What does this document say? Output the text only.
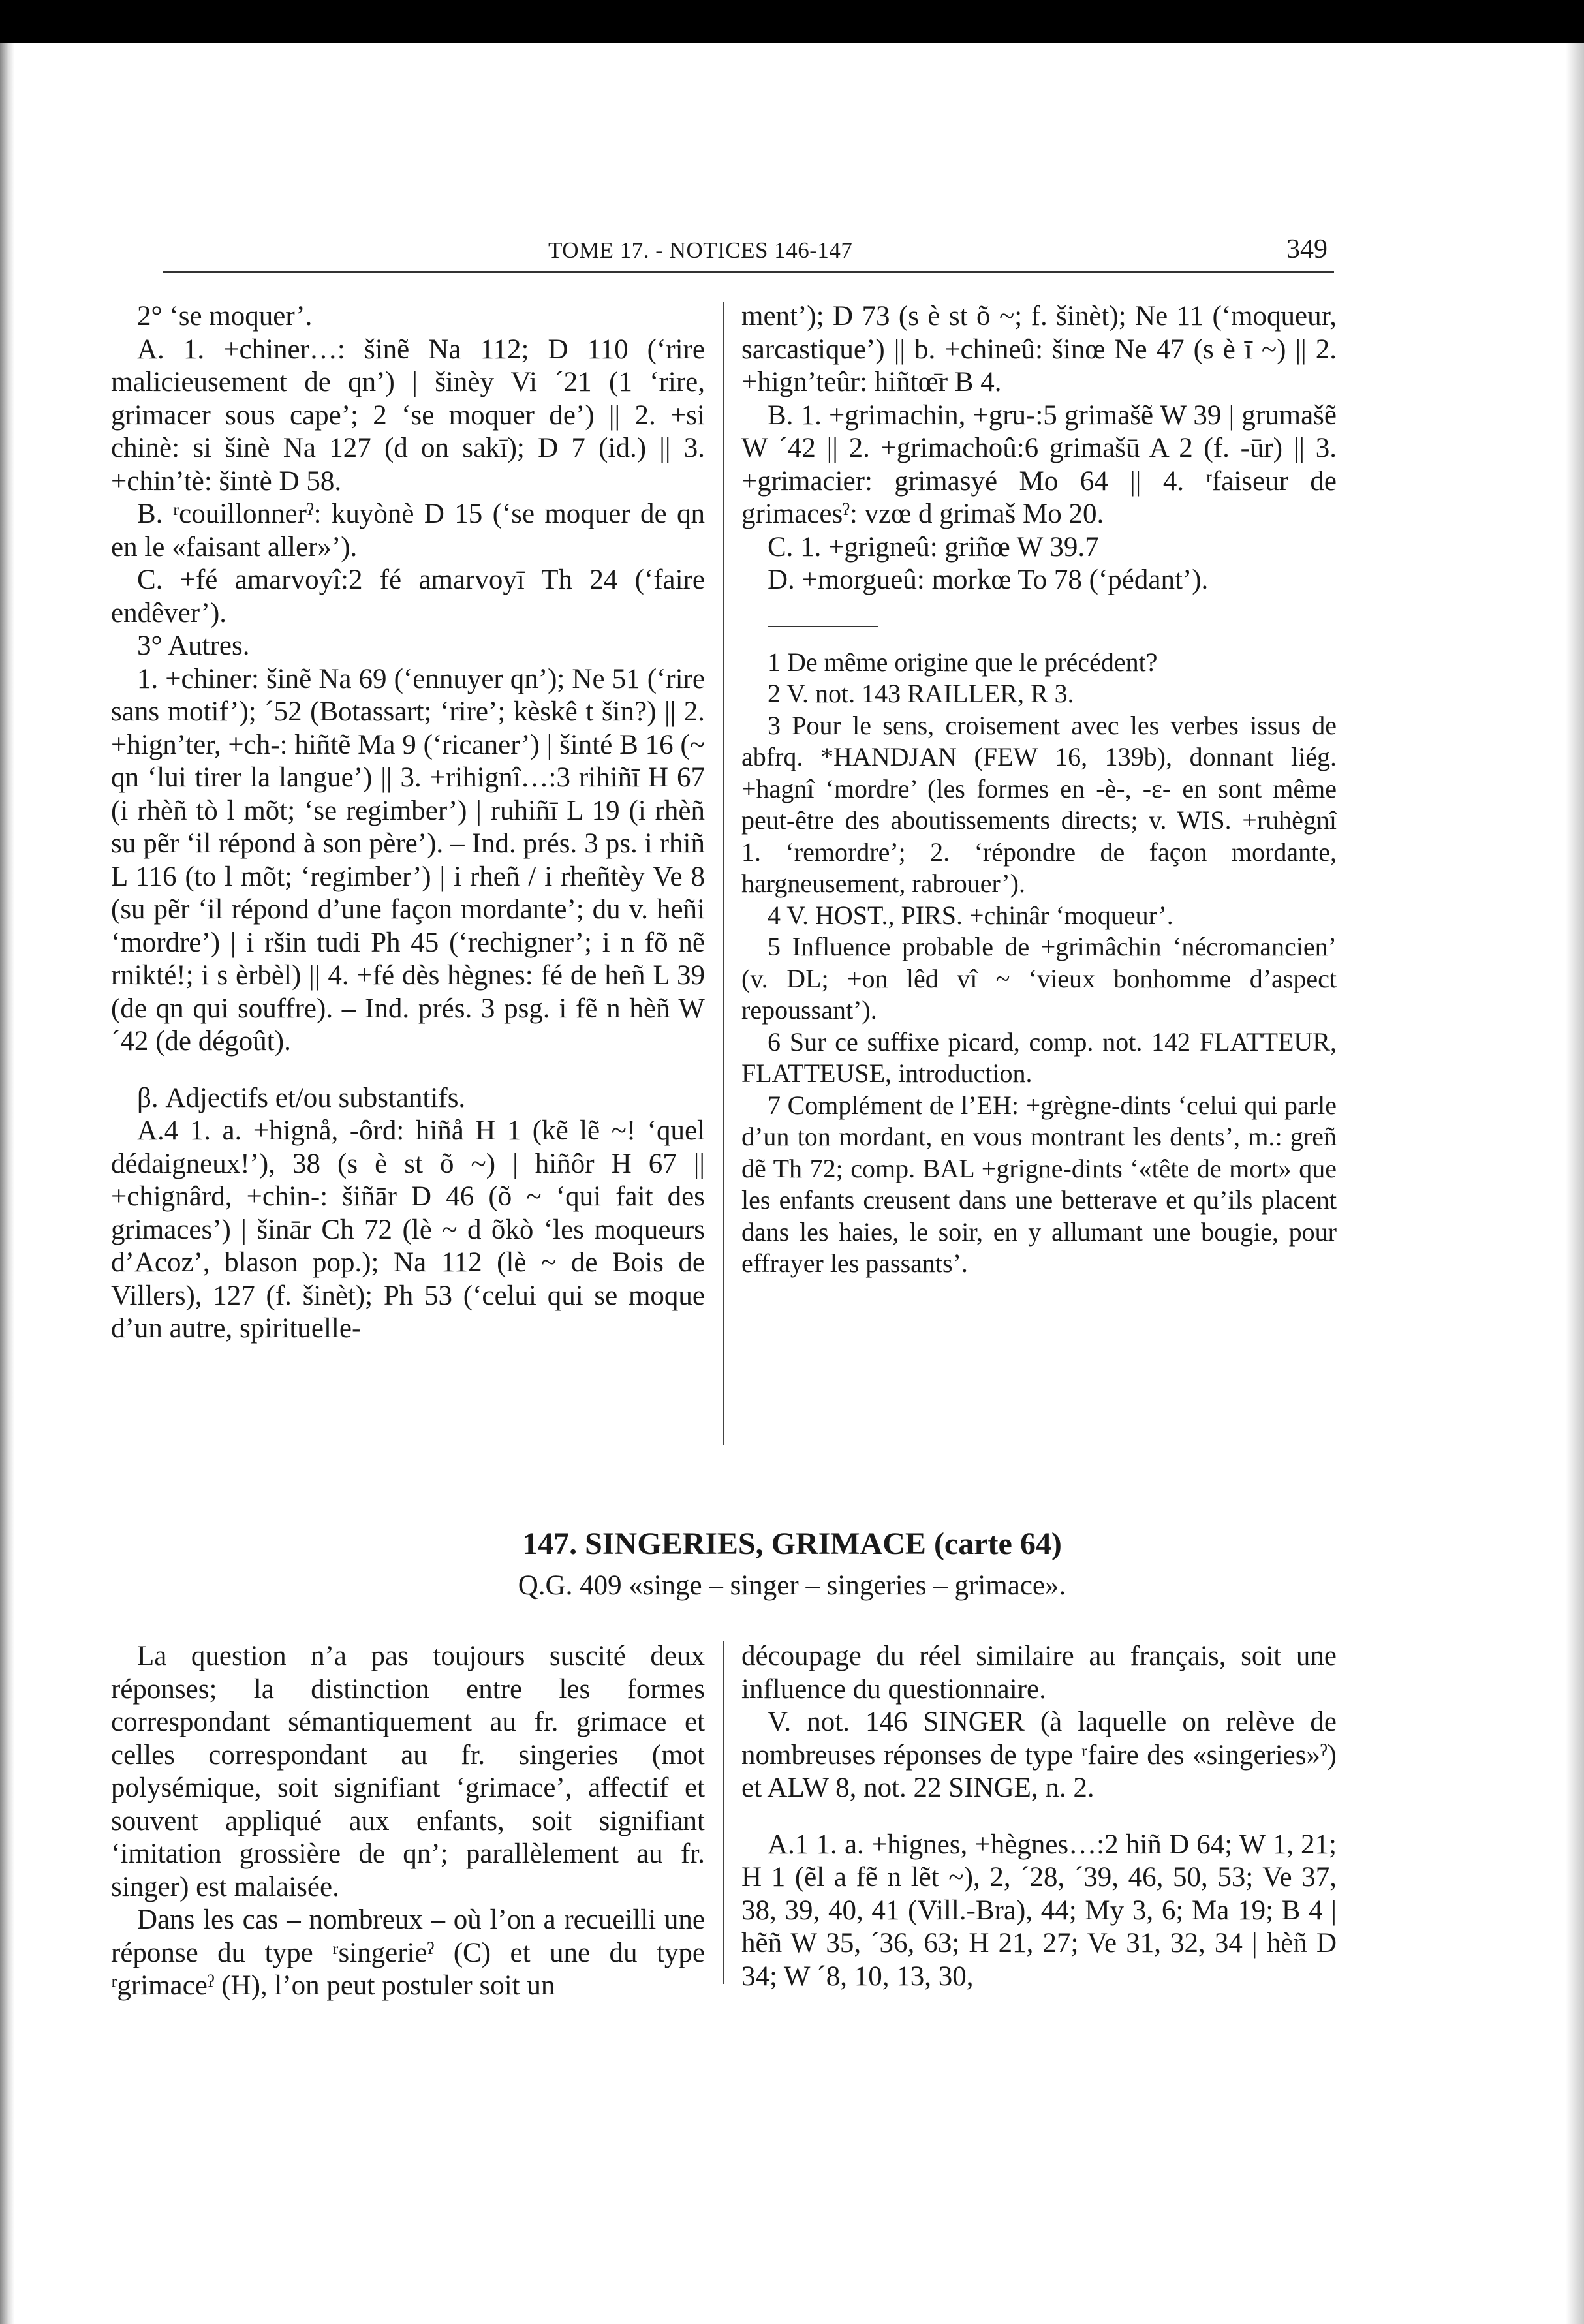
TOME 17. - NOTICES 146-147	349

2° ‘se moquer’.

A. 1. +chiner…: šinẽ Na 112; D 110 (‘rire malicieusement de qn’) | šinèy Vi ´21 (1 ‘rire, grimacer sous cape’; 2 ‘se moquer de’) || 2. +si chinè: si šinè Na 127 (d on sakī); D 7 (id.) || 3. +chin’tè: šintè D 58.

B. ʳcouillonnerˀ: kuyònè D 15 (‘se moquer de qn en le «faisant aller»’).

C. +fé amarvoyî:2 fé amarvoyī Th 24 (‘faire endêver’).

3° Autres.

1. +chiner: šinẽ Na 69 (‘ennuyer qn’); Ne 51 (‘rire sans motif’); ´52 (Botassart; ‘rire’; kèskê t šin?) || 2. +hign’ter, +ch-: hiñtẽ Ma 9 (‘ricaner’) | šinté B 16 (~ qn ‘lui tirer la langue’) || 3. +rihignî…:3 rihiñī H 67 (i rhèñ tò l mõt; ‘se regimber’) | ruhiñī L 19 (i rhèñ su pẽr ‘il répond à son père’). – Ind. prés. 3 ps. i rhiñ L 116 (to l mõt; ‘regimber’) | i rheñ / i rheñtèy Ve 8 (su pẽr ‘il répond d’une façon mordante’; du v. heñi ‘mordre’) | i ršin tudi Ph 45 (‘rechigner’; i n fõ nẽ rnikté!; i s èrbèl) || 4. +fé dès hègnes: fé de heñ L 39 (de qn qui souffre). – Ind. prés. 3 psg. i fẽ n hèñ W ´42 (de dégoût).

β. Adjectifs et/ou substantifs.

A.4 1. a. +hignå, -ôrd: hiñå H 1 (kẽ lẽ ~! ‘quel dédaigneux!’), 38 (s è st õ ~) | hiñôr H 67 || +chignârd, +chin-: šiñār D 46 (õ ~ ‘qui fait des grimaces’) | šinār Ch 72 (lè ~ d õkò ‘les moqueurs d’Acoz’, blason pop.); Na 112 (lè ~ de Bois de Villers), 127 (f. šinèt); Ph 53 (‘celui qui se moque d’un autre, spirituelle-

ment’); D 73 (s è st õ ~; f. šinèt); Ne 11 (‘moqueur, sarcastique’) || b. +chineû: šinœ Ne 47 (s è ī ~) || 2. +hign’teûr: hiñtœ̄r B 4.

B. 1. +grimachin, +gru-:5 grimašẽ W 39 | grumašẽ W ´42 || 2. +grimachoû:6 grimašū A 2 (f. -ūr) || 3. +grimacier: grimasyé Mo 64 || 4. ʳfaiseur de grimacesˀ: vzœ d grimaš Mo 20.

C. 1. +grigneû: griñœ W 39.7

D. +morgueû: morkœ To 78 (‘pédant’).

1 De même origine que le précédent?

2 V. not. 143 RAILLER, R 3.

3 Pour le sens, croisement avec les verbes issus de abfrq. *HANDJAN (FEW 16, 139b), donnant liég. +hagnî ‘mordre’ (les formes en -è-, -ɛ- en sont même peut-être des aboutissements directs; v. WIS. +ruhègnî 1. ‘remordre’; 2. ‘répondre de façon mordante, hargneusement, rabrouer’).

4 V. HOST., PIRS. +chinâr ‘moqueur’.

5 Influence probable de +grimâchin ‘nécromancien’ (v. DL; +on lêd vî ~ ‘vieux bonhomme d’aspect repoussant’).

6 Sur ce suffixe picard, comp. not. 142 FLATTEUR, FLATTEUSE, introduction.

7 Complément de l’EH: +grègne-dints ‘celui qui parle d’un ton mordant, en vous montrant les dents’, m.: greñ dẽ Th 72; comp. BAL +grigne-dints ‘«tête de mort» que les enfants creusent dans une betterave et qu’ils placent dans les haies, le soir, en y allumant une bougie, pour effrayer les passants’.

147. SINGERIES, GRIMACE (carte 64)
Q.G. 409 «singe – singer – singeries – grimace».

La question n’a pas toujours suscité deux réponses; la distinction entre les formes correspondant sémantiquement au fr. grimace et celles correspondant au fr. singeries (mot polysémique, soit signifiant ‘grimace’, affectif et souvent appliqué aux enfants, soit signifiant ‘imitation grossière de qn’; parallèlement au fr. singer) est malaisée.

Dans les cas – nombreux – où l’on a recueilli une réponse du type ʳsingerieˀ (C) et une du type ʳgrimaceˀ (H), l’on peut postuler soit un

découpage du réel similaire au français, soit une influence du questionnaire.

V. not. 146 SINGER (à laquelle on relève de nombreuses réponses de type ʳfaire des «singeries»ˀ) et ALW 8, not. 22 SINGE, n. 2.

A.1 1. a. +hignes, +hègnes…:2 hiñ D 64; W 1, 21; H 1 (ẽl a fẽ n lẽt ~), 2, ´28, ´39, 46, 50, 53; Ve 37, 38, 39, 40, 41 (Vill.-Bra), 44; My 3, 6; Ma 19; B 4 | hẽñ W 35, ´36, 63; H 21, 27; Ve 31, 32, 34 | hèñ D 34; W ´8, 10, 13, 30,
